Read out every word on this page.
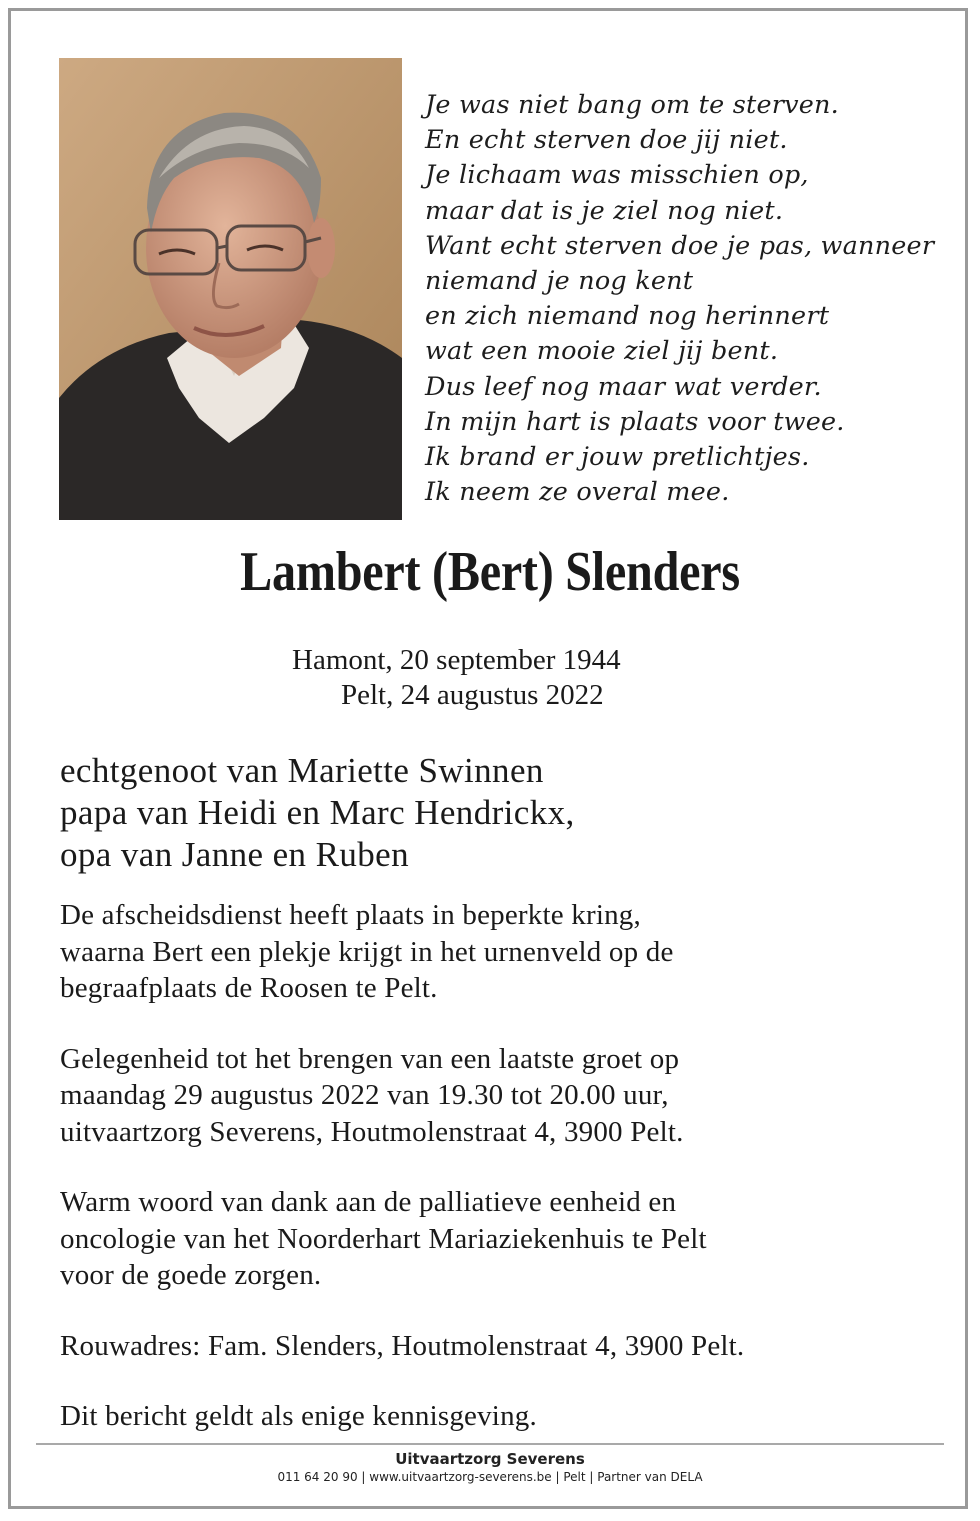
Je was niet bang om te sterven.
En echt sterven doe jij niet.
Je lichaam was misschien op,
maar dat is je ziel nog niet.
Want echt sterven doe je pas, wanneer
niemand je nog kent
en zich niemand nog herinnert
wat een mooie ziel jij bent.
Dus leef nog maar wat verder.
In mijn hart is plaats voor twee.
Ik brand er jouw pretlichtjes.
Ik neem ze overal mee.
Lambert (Bert) Slenders
Hamont, 20 september 1944
Pelt, 24 augustus 2022
echtgenoot van Mariette Swinnen
papa van Heidi en Marc Hendrickx,
opa van Janne en Ruben

De afscheidsdienst heeft plaats in beperkte kring,

waarna Bert een plekje krijgt in het urnenveld op de

begraafplaats de Roosen te Pelt.

Gelegenheid tot het brengen van een laatste groet op

maandag 29 augustus 2022 van 19.30 tot 20.00 uur,

uitvaartzorg Severens, Houtmolenstraat 4, 3900 Pelt.

Warm woord van dank aan de palliatieve eenheid en

oncologie van het Noorderhart Mariaziekenhuis te Pelt

voor de goede zorgen.

Rouwadres: Fam. Slenders, Houtmolenstraat 4, 3900 Pelt.

Dit bericht geldt als enige kennisgeving.

Uitvaartzorg Severens
011 64 20 90 | www.uitvaartzorg-severens.be | Pelt | Partner van DELA
